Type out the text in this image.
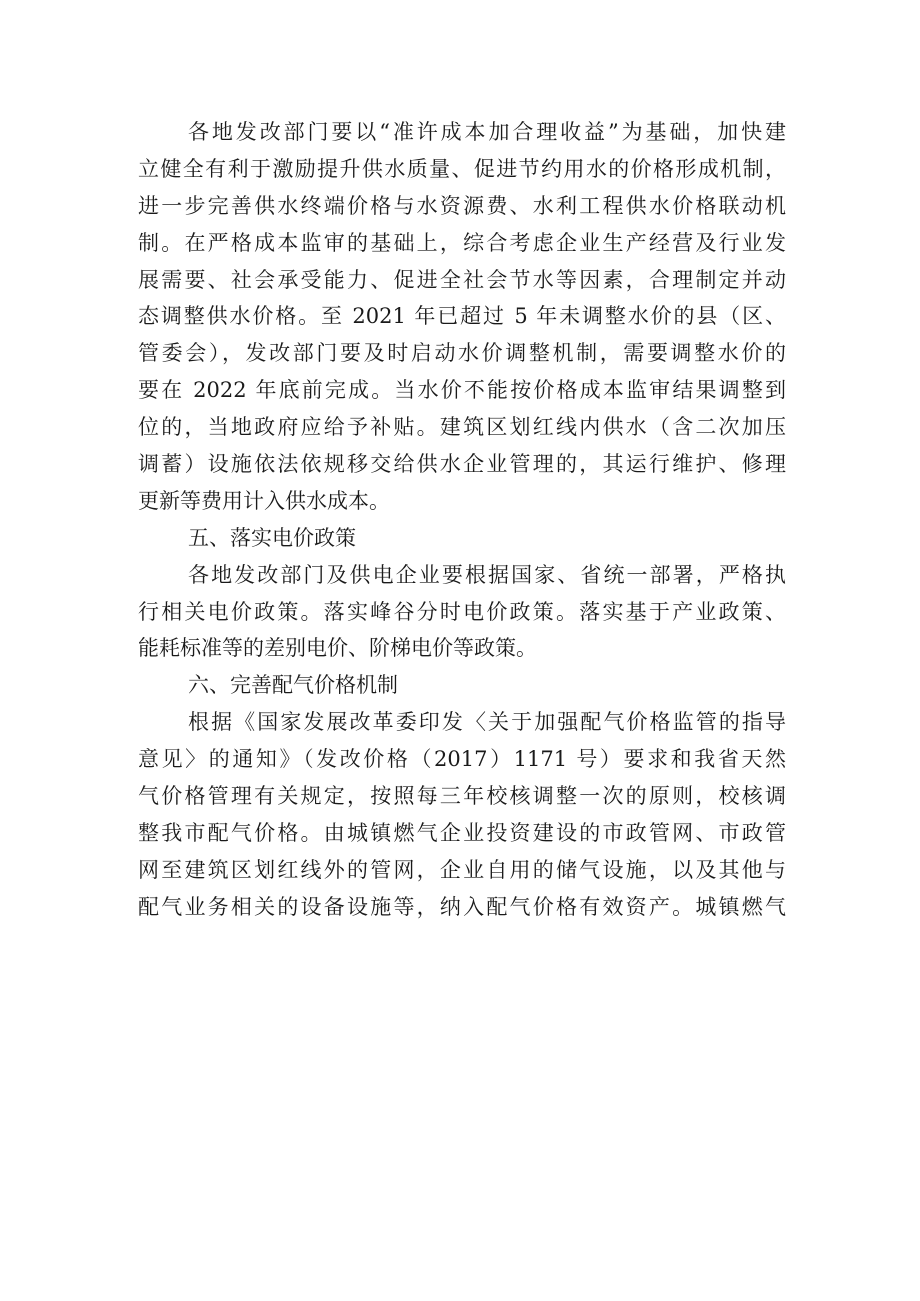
各地发改部门要以“准许成本加合理收益”为基础，加快建
立健全有利于激励提升供水质量、促进节约用水的价格形成机制，
进一步完善供水终端价格与水资源费、水利工程供水价格联动机
制。在严格成本监审的基础上，综合考虑企业生产经营及行业发
展需要、社会承受能力、促进全社会节水等因素，合理制定并动
态调整供水价格。至 2021 年已超过 5 年未调整水价的县（区、
管委会），发改部门要及时启动水价调整机制，需要调整水价的
要在 2022 年底前完成。当水价不能按价格成本监审结果调整到
位的，当地政府应给予补贴。建筑区划红线内供水（含二次加压
调蓄）设施依法依规移交给供水企业管理的，其运行维护、修理
更新等费用计入供水成本。
五、落实电价政策
各地发改部门及供电企业要根据国家、省统一部署，严格执
行相关电价政策。落实峰谷分时电价政策。落实基于产业政策、
能耗标准等的差别电价、阶梯电价等政策。
六、完善配气价格机制
根据《国家发展改革委印发〈关于加强配气价格监管的指导
意见〉的通知》（发改价格（2017）1171 号）要求和我省天然
气价格管理有关规定，按照每三年校核调整一次的原则，校核调
整我市配气价格。由城镇燃气企业投资建设的市政管网、市政管
网至建筑区划红线外的管网，企业自用的储气设施，以及其他与
配气业务相关的设备设施等，纳入配气价格有效资产。城镇燃气
